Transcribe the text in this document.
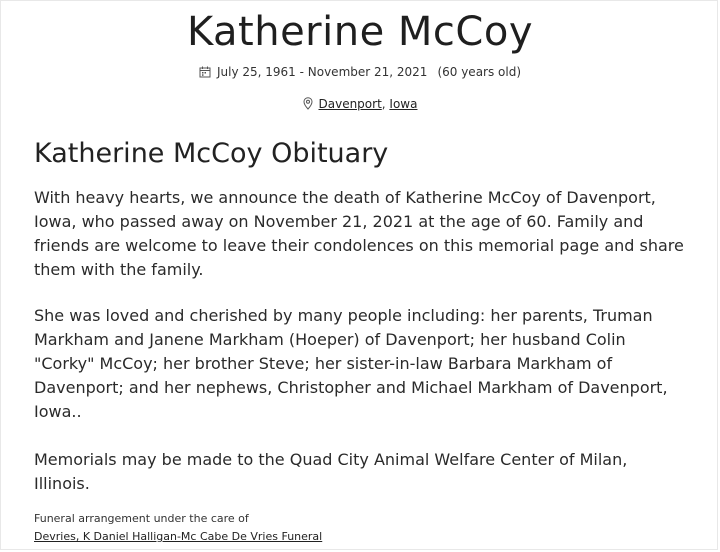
Katherine McCoy
July 25, 1961 - November 21, 2021 (60 years old)
Davenport, Iowa
Katherine McCoy Obituary

With heavy hearts, we announce the death of Katherine McCoy of Davenport, Iowa, who passed away on November 21, 2021 at the age of 60. Family and friends are welcome to leave their condolences on this memorial page and share them with the family.

She was loved and cherished by many people including: her parents, Truman Markham and Janene Markham (Hoeper) of Davenport; her husband Colin "Corky" McCoy; her brother Steve; her sister-in-law Barbara Markham of Davenport; and her nephews, Christopher and Michael Markham of Davenport, Iowa..

Memorials may be made to the Quad City Animal Welfare Center of Milan, Illinois.

Funeral arrangement under the care of
Devries, K Daniel Halligan-Mc Cabe De Vries Funeral
